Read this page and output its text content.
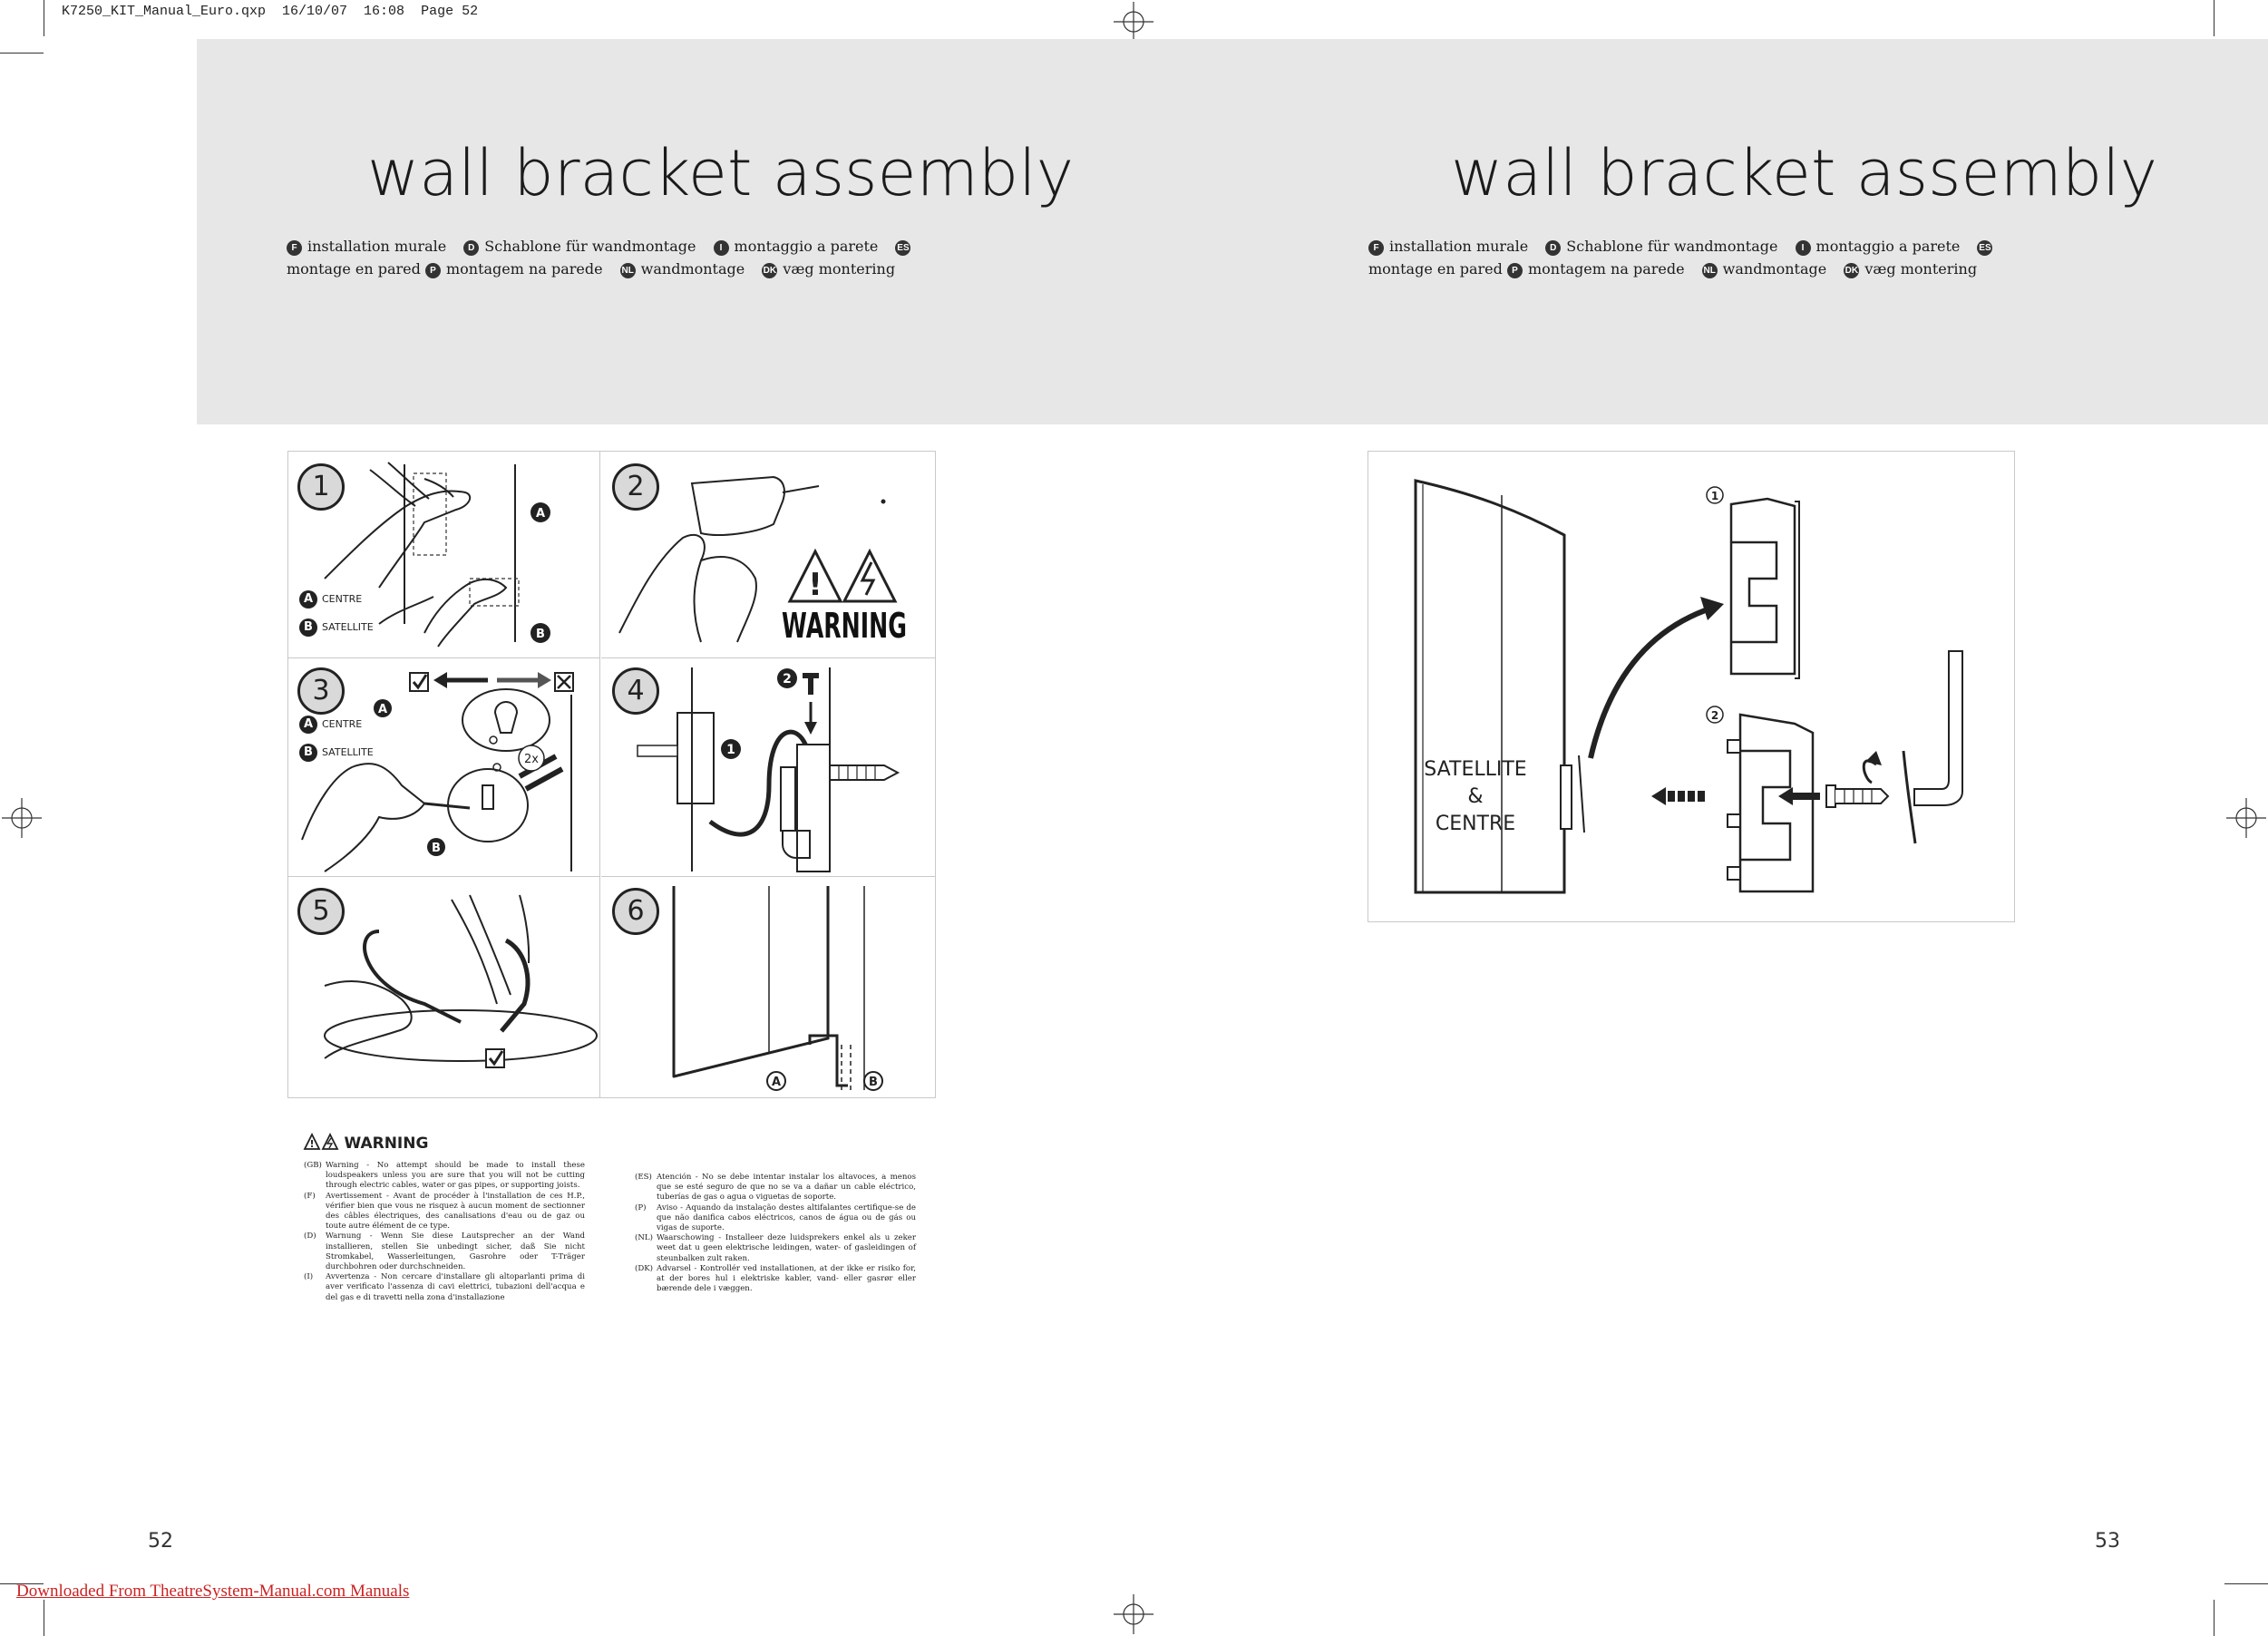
K7250_KIT_Manual_Euro.qxp  16/10/07  16:08  Page 52
wall bracket assembly
F installation murale D Schablone für wandmontage	I montaggio a parete ESmontage en pared P montagem na parede NL wandmontage DK væg montering
wall bracket assembly
F installation murale D Schablone für wandmontage	I montaggio a parete ESmontage en pared P montagem na parede NL wandmontage DK væg montering
1
A
B
A CENTRE
B SATELLITE
2
!
WARNING
3
2x
A
B
A CENTRE
B SATELLITE
4	2
1
5	6
A	B
! WARNING
(GB) Warning - No attempt should be made to install these loudspeakers unless you are sure that you will not be cutting through electric cables, water or gas pipes, or supporting joists.
(F)	Avertissement - Avant de procéder à l'installation de ces H.P., vérifier bien que vous ne risquez à aucun moment de sectionner des câbles électriques, des canalisations d'eau ou de gaz ou toute autre élément de ce type.
(D)	Warnung - Wenn Sie diese Lautsprecher an der Wand installieren, stellen Sie unbedingt sicher, daß Sie nicht Stromkabel, Wasserleitungen, Gasrohre oder T-Träger durchbohren oder durchschneiden.
(I)	Avvertenza - Non cercare d'installare gli altoparlanti prima di aver verificato l'assenza di cavi elettrici, tubazioni dell'acqua e del gas e di travetti nella zona d'installazione
(ES) Atención - No se debe intentar instalar los altavoces, a menos que se esté seguro de que no se va a dañar un cable eléctrico, tuberías de gas o agua o viguetas de soporte.
(P)	Aviso - Aquando da instalação destes altifalantes certifique-se de que não danifica cabos eléctricos, canos de água ou de gás ou vigas de suporte.
(NL) Waarschowing - Installeer deze luidsprekers enkel als u zeker weet dat u geen elektrische leidingen, water- of gasleidingen of steunbalken zult raken.
(DK) Advarsel - Kontrollér ved installationen, at der ikke er risiko for, at der bores hul i elektriske kabler, vand- eller gasrør eller bærende dele i væggen.
SATELLITE
&
CENTRE
1
2
52	53
Downloaded From TheatreSystem-Manual.com Manuals
